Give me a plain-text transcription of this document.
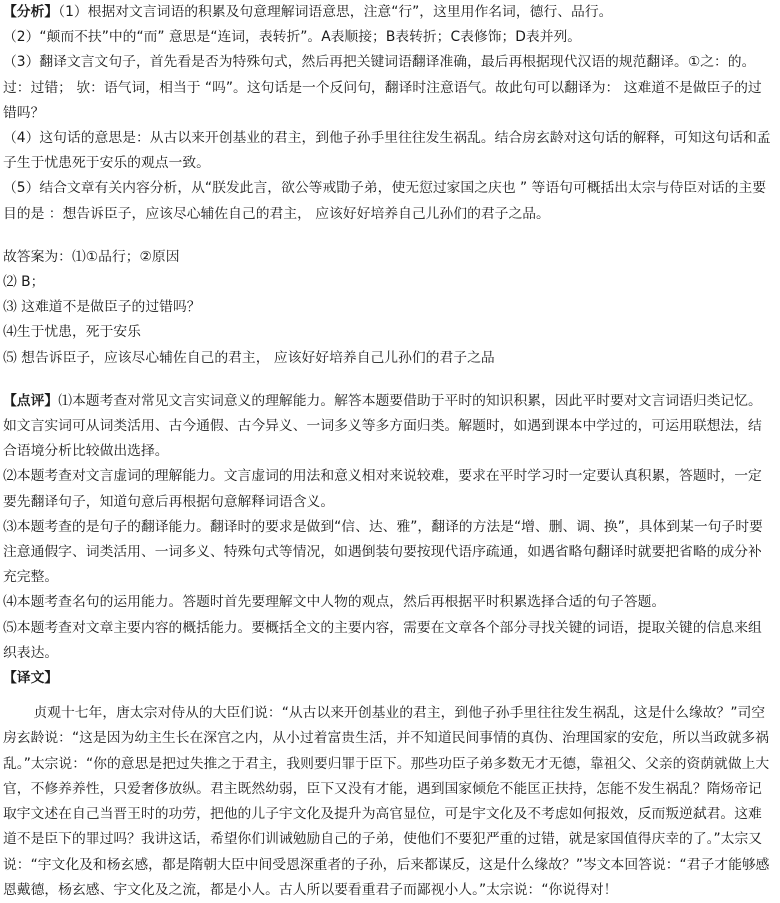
​

【分析】（1）根据对文言词语的积累及句意理解词语意思，注意“行”，这里用作名词，德行、品行。

（2）“颠而不扶”中的“而” 意思是“连词，表转折”。A表顺接；B表转折；C表修饰；D表并列。

（3）翻译文言文句子，首先看是否为特殊句式，然后再把关键词语翻译准确，最后再根据现代汉语的规范翻译。①之：的。过：过错； 欤：语气词，相当于 “吗”。这句话是一个反问句，翻译时注意语气。故此句可以翻译为： 这难道不是做臣子的过错吗？

（4）这句话的意思是：从古以来开创基业的君主，到他子孙手里往往发生祸乱。结合房玄龄对这句话的解释，可知这句话和孟子生于忧患死于安乐的观点一致。

（5）结合文章有关内容分析，从“朕发此言，欲公等戒勖子弟，使无愆过家国之庆也 ” 等语句可概括出太宗与侍臣对话的主要目的是 ：想告诉臣子，应该尽心辅佐自己的君主， 应该好好培养自己儿孙们的君子之品。

故答案为：⑴①品行；②原因

⑵ B；

⑶ 这难道不是做臣子的过错吗？

⑷生于忧患，死于安乐

⑸ 想告诉臣子，应该尽心辅佐自己的君主， 应该好好培养自己儿孙们的君子之品

【点评】⑴本题考查对常见文言实词意义的理解能力。解答本题要借助于平时的知识积累，因此平时要对文言词语归类记忆。如文言实词可从词类活用、古今通假、古今异义、一词多义等多方面归类。解题时，如遇到课本中学过的，可运用联想法，结合语境分析比较做出选择。

⑵本题考查对文言虚词的理解能力。文言虚词的用法和意义相对来说较难，要求在平时学习时一定要认真积累，答题时，一定要先翻译句子，知道句意后再根据句意解释词语含义。

⑶本题考查的是句子的翻译能力。翻译时的要求是做到“信、达、雅”，翻译的方法是“增、删、调、换”，具体到某一句子时要注意通假字、词类活用、一词多义、特殊句式等情况，如遇倒装句要按现代语序疏通，如遇省略句翻译时就要把省略的成分补充完整。

⑷本题考查名句的运用能力。答题时首先要理解文中人物的观点，然后再根据平时积累选择合适的句子答题。

⑸本题考查对文章主要内容的概括能力。要概括全文的主要内容，需要在文章各个部分寻找关键的词语，提取关键的信息来组织表达。

【译文】

贞观十七年，唐太宗对侍从的大臣们说：“从古以来开创基业的君主，到他子孙手里往往发生祸乱，这是什么缘故？”司空房玄龄说：“这是因为幼主生长在深宫之内，从小过着富贵生活，并不知道民间事情的真伪、治理国家的安危，所以当政就多祸乱。”太宗说：“你的意思是把过失推之于君主，我则要归罪于臣下。那些功臣子弟多数无才无德，靠祖父、父亲的资荫就做上大官，不修养养性，只爱奢侈放纵。君主既然幼弱，臣下又没有才能，遇到国家倾危不能匡正扶持，怎能不发生祸乱？隋炀帝记取宇文述在自己当晋王时的功劳，把他的儿子宇文化及提升为高官显位，可是宇文化及不考虑如何报效，反而叛逆弑君。这难道不是臣下的罪过吗？我讲这话，希望你们训诫勉励自己的子弟，使他们不要犯严重的过错，就是家国值得庆幸的了。”太宗又说：“宇文化及和杨玄感，都是隋朝大臣中间受恩深重者的子孙，后来都谋反，这是什么缘故？”岑文本回答说：“君子才能够感恩戴德，杨玄感、宇文化及之流，都是小人。古人所以要看重君子而鄙视小人。”太宗说：“你说得对！
